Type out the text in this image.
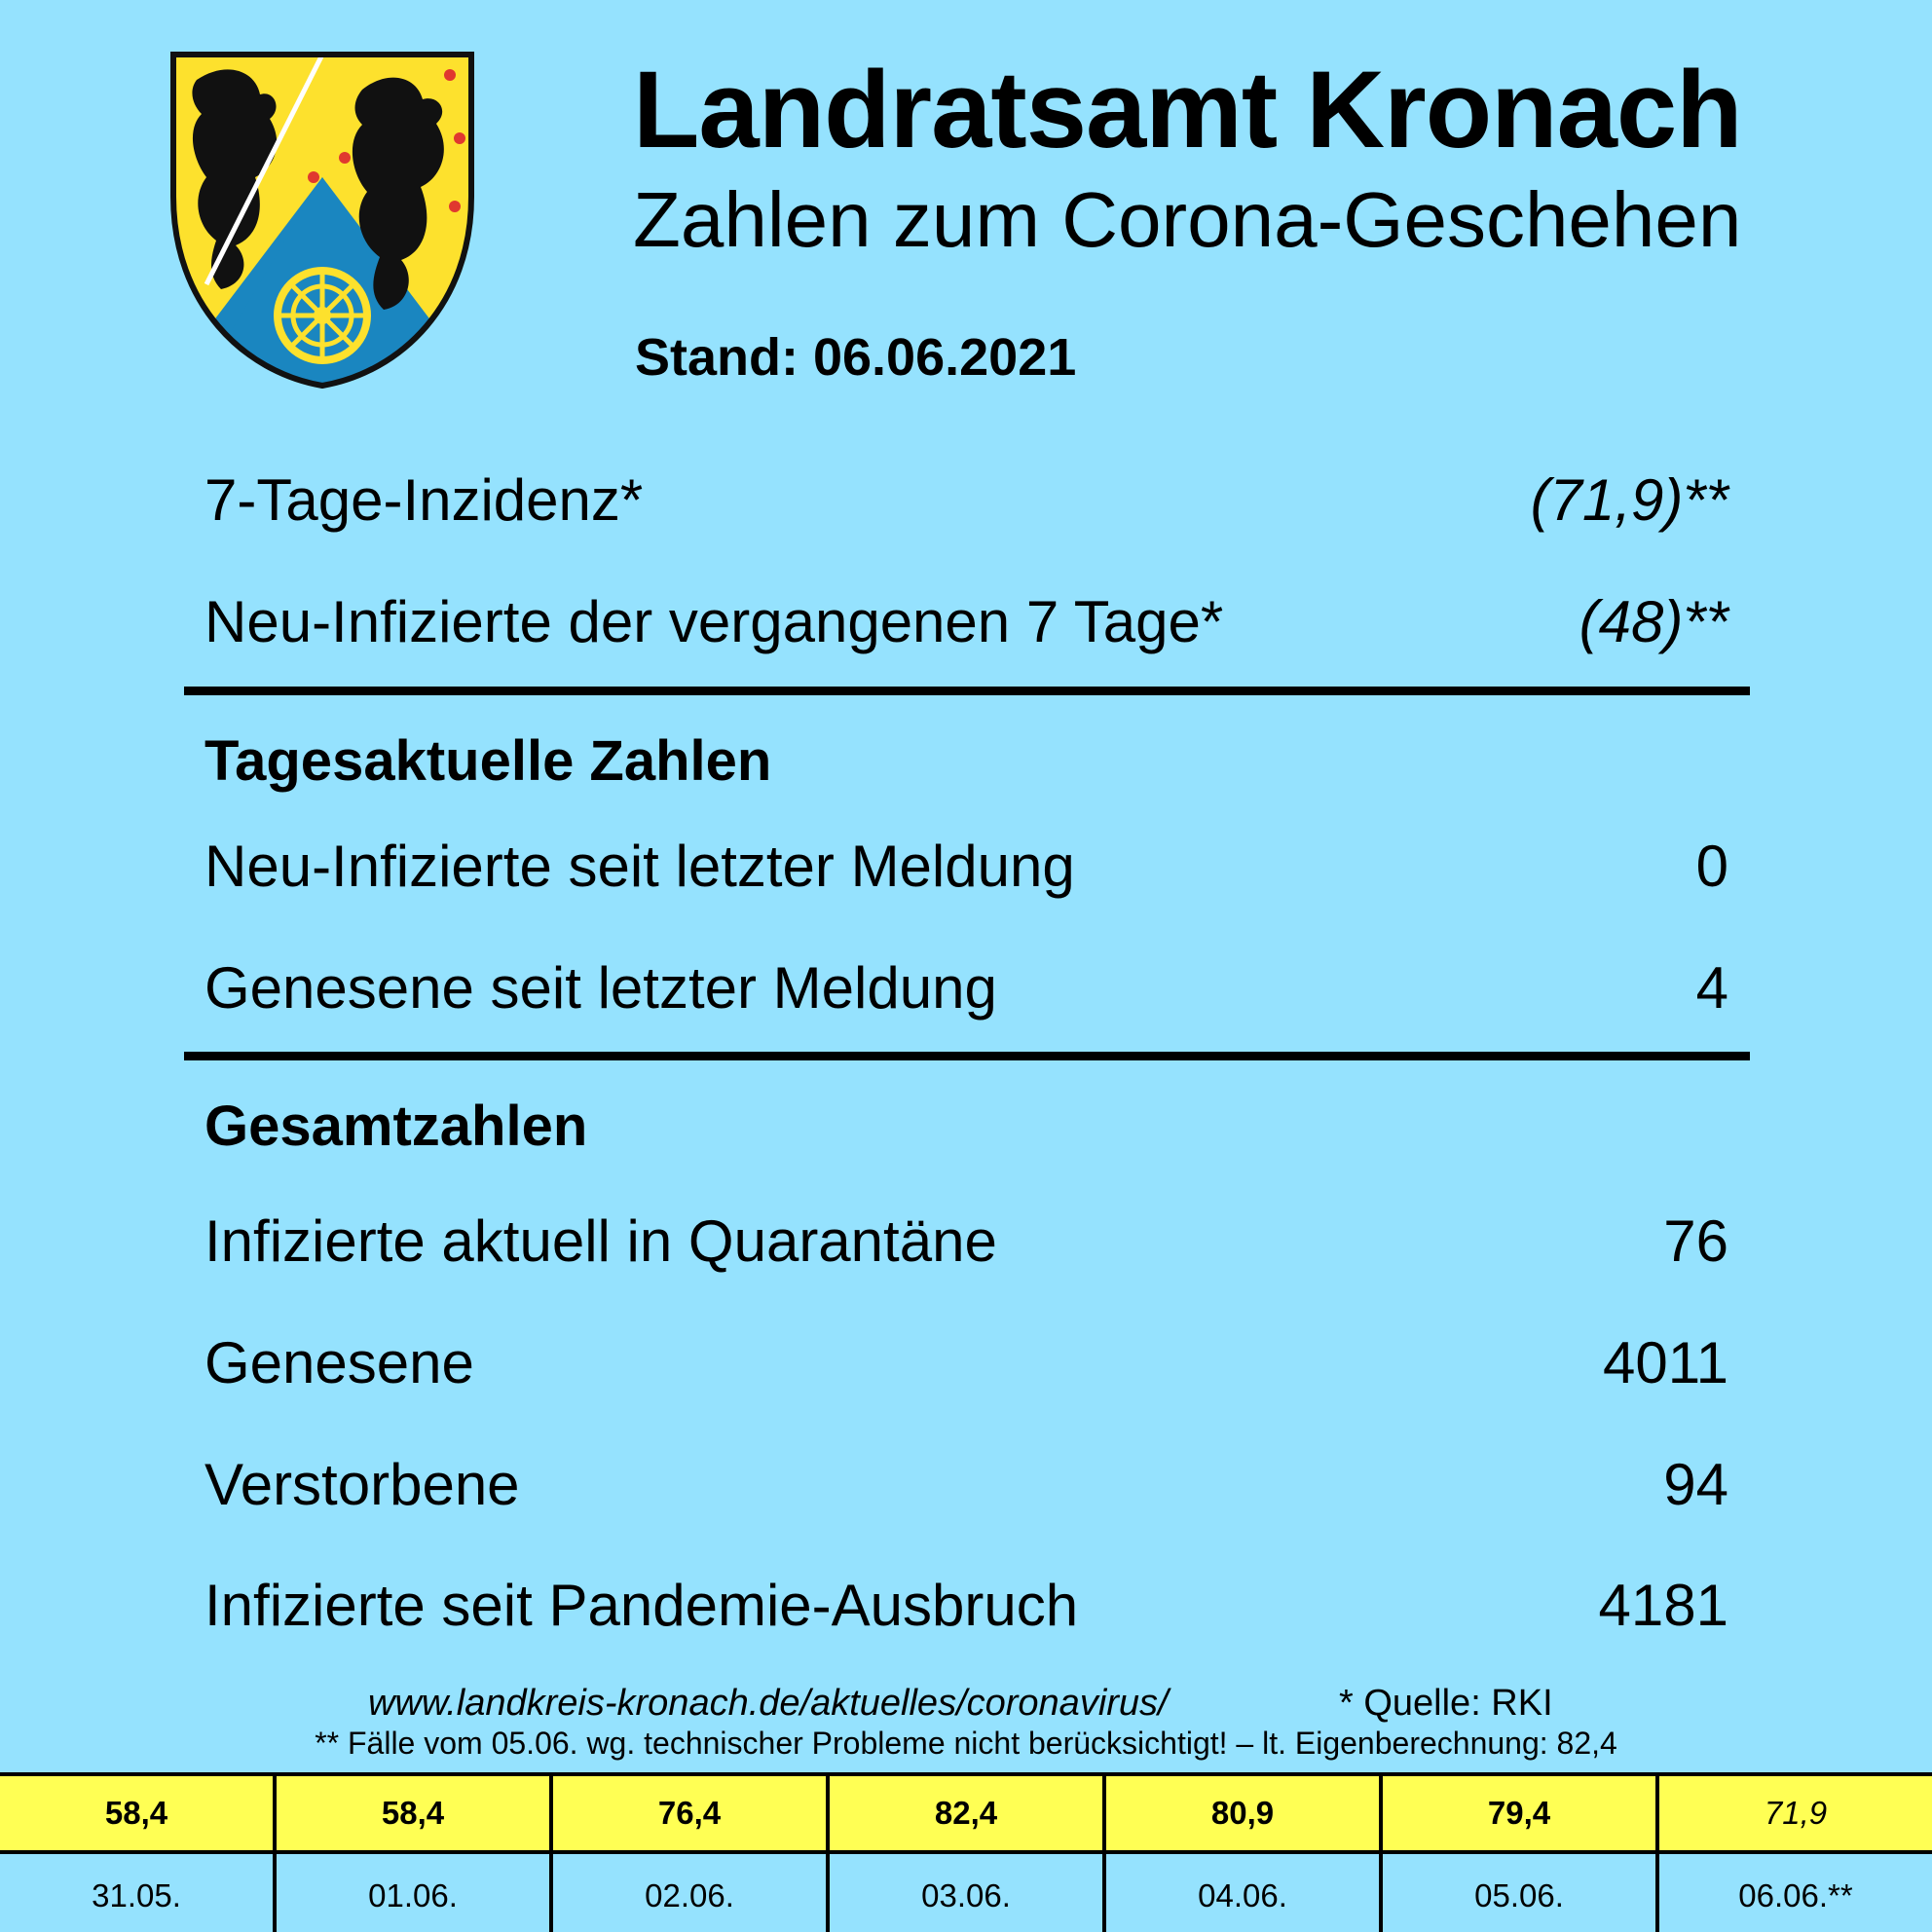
Landratsamt Kronach
Zahlen zum Corona-Geschehen
Stand: 06.06.2021
7-Tage-Inzidenz*	(71,9)**
Neu-Infizierte der vergangenen 7 Tage*	(48)**
Tagesaktuelle Zahlen
Neu-Infizierte seit letzter Meldung	0
Genesene seit letzter Meldung	4
Gesamtzahlen
Infizierte aktuell in Quarantäne	76
Genesene	4011
Verstorbene	94
Infizierte seit Pandemie-Ausbruch	4181
www.landkreis-kronach.de/aktuelles/coronavirus/	* Quelle: RKI
** Fälle vom 05.06. wg. technischer Probleme nicht berücksichtigt! – lt. Eigenberechnung: 82,4
58,4	58,4	76,4	82,4	80,9	79,4	71,9
31.05.	01.06.	02.06.	03.06.	04.06.	05.06.	06.06.**
